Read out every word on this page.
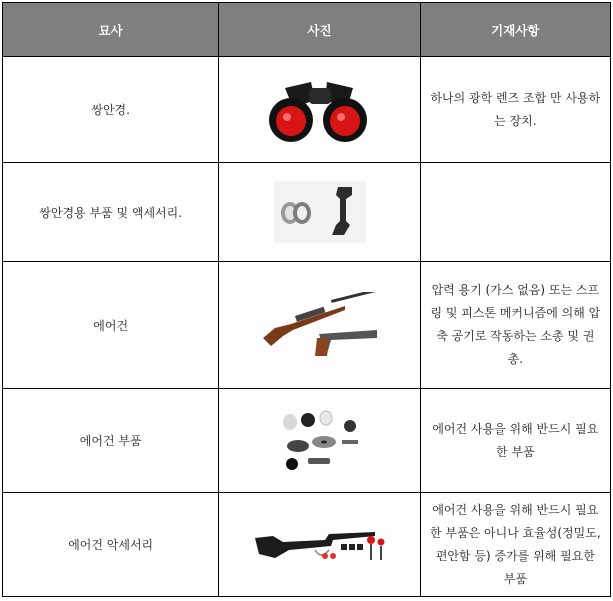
묘사	사진	기재사항
쌍안경.		하나의 광학 렌즈 조합 만 사용하는 장치.
쌍안경용 부품 및 액세서리.	

에어건		압력 용기 (가스 없음) 또는 스프링 및 피스톤 메커니즘에 의해 압축 공기로 작동하는 소총 및 권총.
에어건 부품		에어건 사용을 위해 반드시 필요한 부품
에어건 악세서리		에어건 사용을 위해 반드시 필요한 부품은 아니나 효율성(정밀도, 편안함 등) 증가를 위해 필요한 부품
